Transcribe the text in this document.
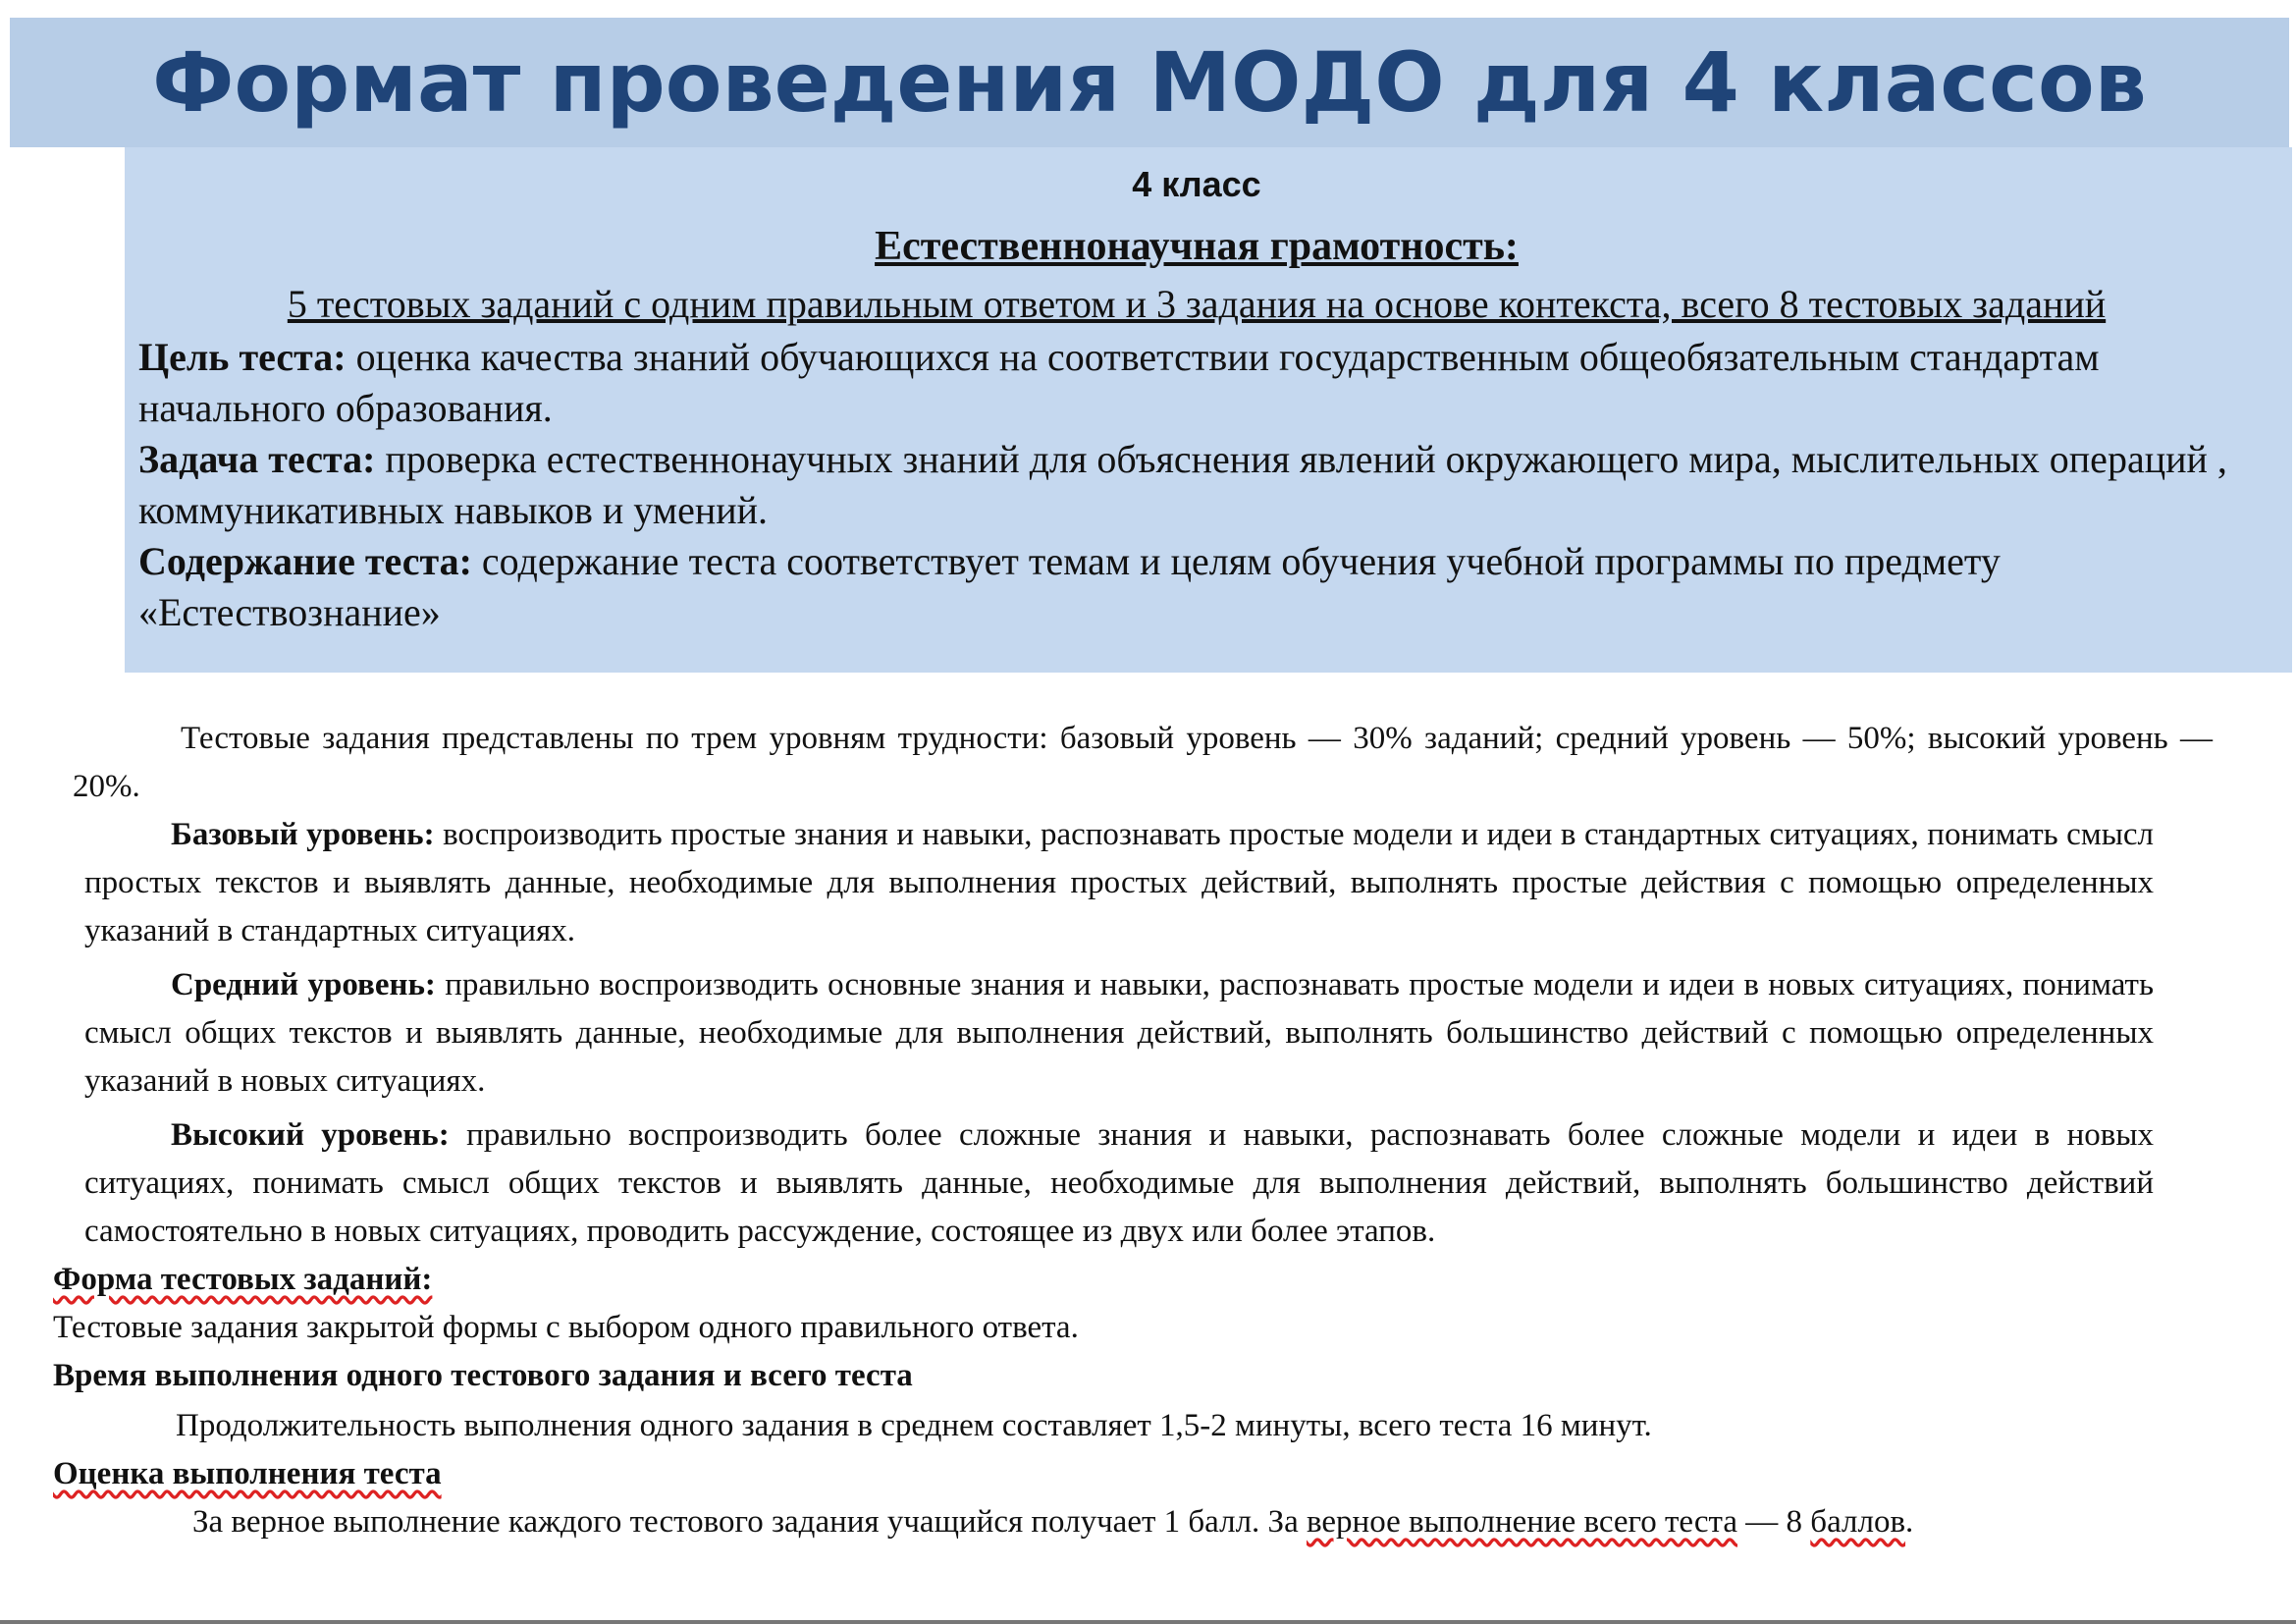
Формат проведения МОДО для 4 классов

4 класс

Естественнонаучная грамотность:

5 тестовых заданий с одним правильным ответом и 3 задания на основе контекста, всего 8 тестовых заданий

Цель теста: оценка качества знаний обучающихся на соответствии государственным общеобязательным стандартам начального образования.

Задача теста: проверка естественнонаучных знаний для объяснения явлений окружающего мира, мыслительных операций , коммуникативных навыков и умений.

Содержание теста: содержание теста соответствует темам и целям обучения учебной программы по предмету «Естествознание»

Тестовые задания представлены по трем уровням трудности: базовый уровень — 30% заданий; средний уровень — 50%; высокий уровень — 20%.

Базовый уровень: воспроизводить простые знания и навыки, распознавать простые модели и идеи в стандартных ситуациях, понимать смысл простых текстов и выявлять данные, необходимые для выполнения простых действий, выполнять простые действия с помощью определенных указаний в стандартных ситуациях.

Средний уровень: правильно воспроизводить основные знания и навыки, распознавать простые модели и идеи в новых ситуациях, понимать смысл общих текстов и выявлять данные, необходимые для выполнения действий, выполнять большинство действий с помощью определенных указаний в новых ситуациях.

Высокий уровень: правильно воспроизводить более сложные знания и навыки, распознавать более сложные модели и идеи в новых ситуациях, понимать смысл общих текстов и выявлять данные, необходимые для выполнения действий, выполнять большинство действий самостоятельно в новых ситуациях, проводить рассуждение, состоящее из двух или более этапов.

Форма тестовых заданий:

Тестовые задания закрытой формы с выбором одного правильного ответа.

Время выполнения одного тестового задания и всего теста

Продолжительность выполнения одного задания в среднем составляет 1,5-2 минуты, всего теста 16 минут.

Оценка выполнения теста

За верное выполнение каждого тестового задания учащийся получает 1 балл. За верное выполнение всего теста — 8 баллов.
